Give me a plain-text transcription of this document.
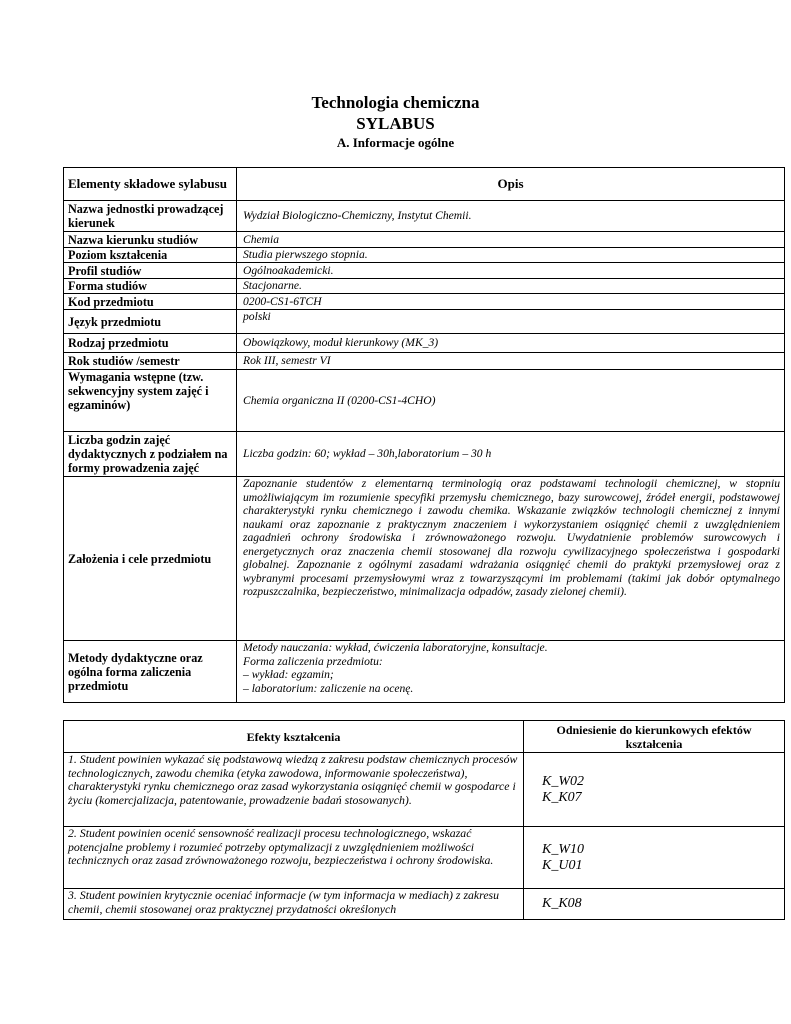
Technologia chemiczna
SYLABUS
A. Informacje ogólne
Elementy składowe sylabusu	Opis
Nazwa jednostki prowadzącej kierunek	Wydział Biologiczno-Chemiczny, Instytut Chemii.
Nazwa kierunku studiów	Chemia
Poziom kształcenia	Studia pierwszego stopnia.
Profil studiów	Ogólnoakademicki.
Forma studiów	Stacjonarne.
Kod przedmiotu	0200-CS1-6TCH
Język przedmiotu	polski
Rodzaj przedmiotu	Obowiązkowy, moduł kierunkowy (MK_3)
Rok studiów /semestr	Rok III, semestr VI
Wymagania wstępne (tzw. sekwencyjny system zajęć i egzaminów)	Chemia organiczna II (0200-CS1-4CHO)
Liczba godzin zajęć dydaktycznych z podziałem na formy prowadzenia zajęć	Liczba godzin: 60; wykład – 30h,laboratorium – 30 h
Założenia i cele przedmiotu	Zapoznanie studentów z elementarną terminologią oraz podstawami technologii chemicznej, w stopniu umożliwiającym im rozumienie specyfiki przemysłu chemicznego, bazy surowcowej, źródeł energii, podstawowej charakterystyki rynku chemicznego i zawodu chemika. Wskazanie związków technologii chemicznej z innymi naukami oraz zapoznanie z praktycznym znaczeniem i wykorzystaniem osiągnięć chemii z uwzględnieniem zagadnień ochrony środowiska i zrównoważonego rozwoju. Uwydatnienie problemów surowcowych i energetycznych oraz znaczenia chemii stosowanej dla rozwoju cywilizacyjnego społeczeństwa i gospodarki globalnej. Zapoznanie z ogólnymi zasadami wdrażania osiągnięć chemii do praktyki przemysłowej oraz z wybranymi procesami przemysłowymi wraz z towarzyszącymi im problemami (takimi jak dobór optymalnego rozpuszczalnika, bezpieczeństwo, minimalizacja odpadów, zasady zielonej chemii).
Metody dydaktyczne oraz ogólna forma zaliczenia przedmiotu	Metody nauczania: wykład, ćwiczenia laboratoryjne, konsultacje.
Forma zaliczenia przedmiotu:
– wykład: egzamin;
– laboratorium: zaliczenie na ocenę.
Efekty kształcenia	Odniesienie do kierunkowych efektów kształcenia
1. Student powinien wykazać się podstawową wiedzą z zakresu podstaw chemicznych procesów technologicznych, zawodu chemika (etyka zawodowa, informowanie społeczeństwa), charakterystyki rynku chemicznego oraz zasad wykorzystania osiągnięć chemii w gospodarce i życiu (komercjalizacja, patentowanie, prowadzenie badań stosowanych).	K_W02
K_K07

2. Student powinien ocenić sensowność realizacji procesu technologicznego, wskazać potencjalne problemy i rozumieć potrzeby optymalizacji z uwzględnieniem możliwości technicznych oraz zasad zrównoważonego rozwoju, bezpieczeństwa i ochrony środowiska.	K_W10
K_U01

3. Student powinien krytycznie oceniać informacje (w tym informacja w mediach) z zakresu chemii, chemii stosowanej oraz praktycznej przydatności określonych	K_K08
